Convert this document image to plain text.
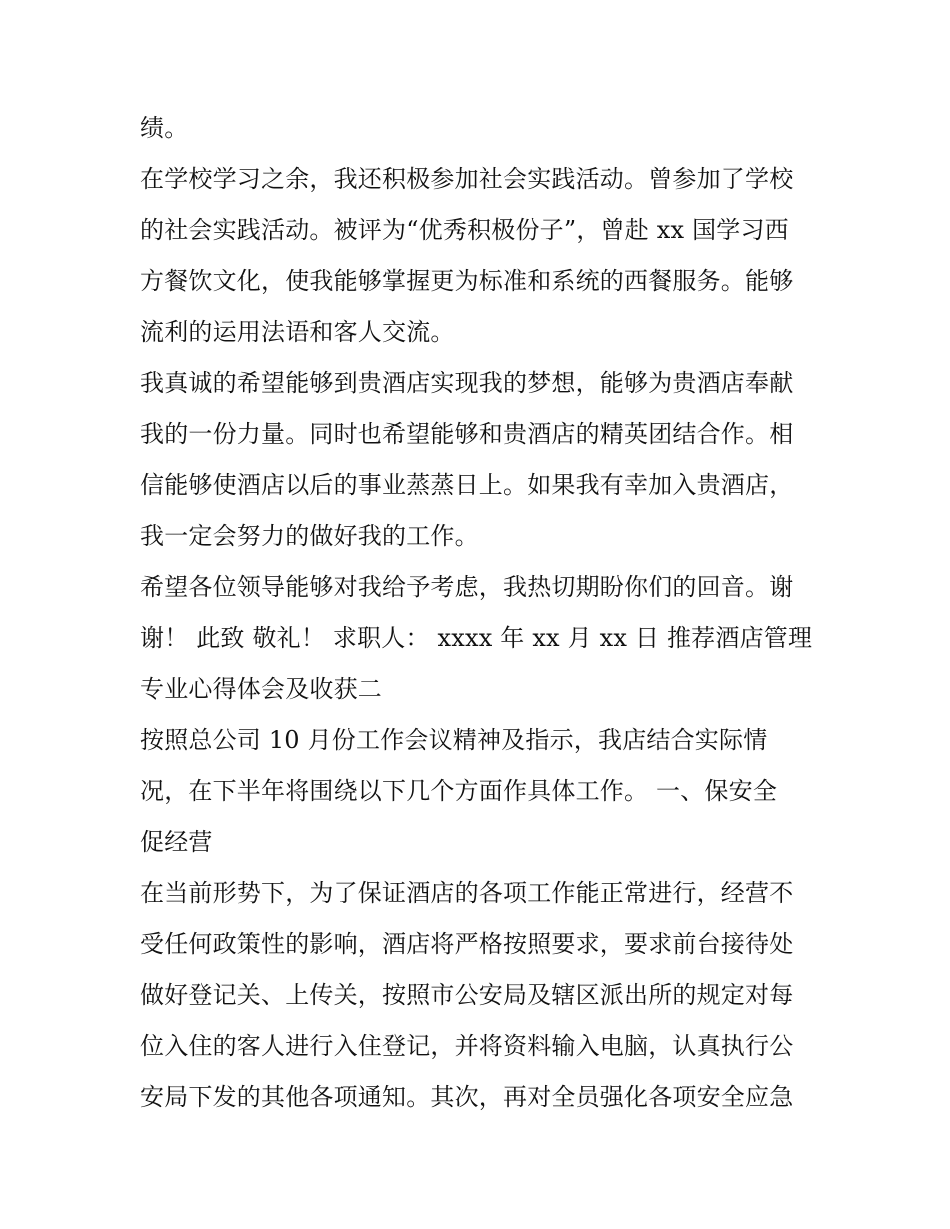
绩。
在学校学习之余，我还积极参加社会实践活动。曾参加了学校
的社会实践活动。被评为“优秀积极份子”，曾赴 xx 国学习西
方餐饮文化，使我能够掌握更为标准和系统的西餐服务。能够
流利的运用法语和客人交流。
我真诚的希望能够到贵酒店实现我的梦想，能够为贵酒店奉献
我的一份力量。同时也希望能够和贵酒店的精英团结合作。相
信能够使酒店以后的事业蒸蒸日上。如果我有幸加入贵酒店，
我一定会努力的做好我的工作。
希望各位领导能够对我给予考虑，我热切期盼你们的回音。谢
谢！ 此致 敬礼！ 求职人： xxxx 年 xx 月 xx 日 推荐酒店管理
专业心得体会及收获二
按照总公司 10 月份工作会议精神及指示，我店结合实际情
况，在下半年将围绕以下几个方面作具体工作。 一、保安全
促经营
在当前形势下，为了保证酒店的各项工作能正常进行，经营不
受任何政策性的影响，酒店将严格按照要求，要求前台接待处
做好登记关、上传关，按照市公安局及辖区派出所的规定对每
位入住的客人进行入住登记，并将资料输入电脑，认真执行公
安局下发的其他各项通知。其次，再对全员强化各项安全应急
